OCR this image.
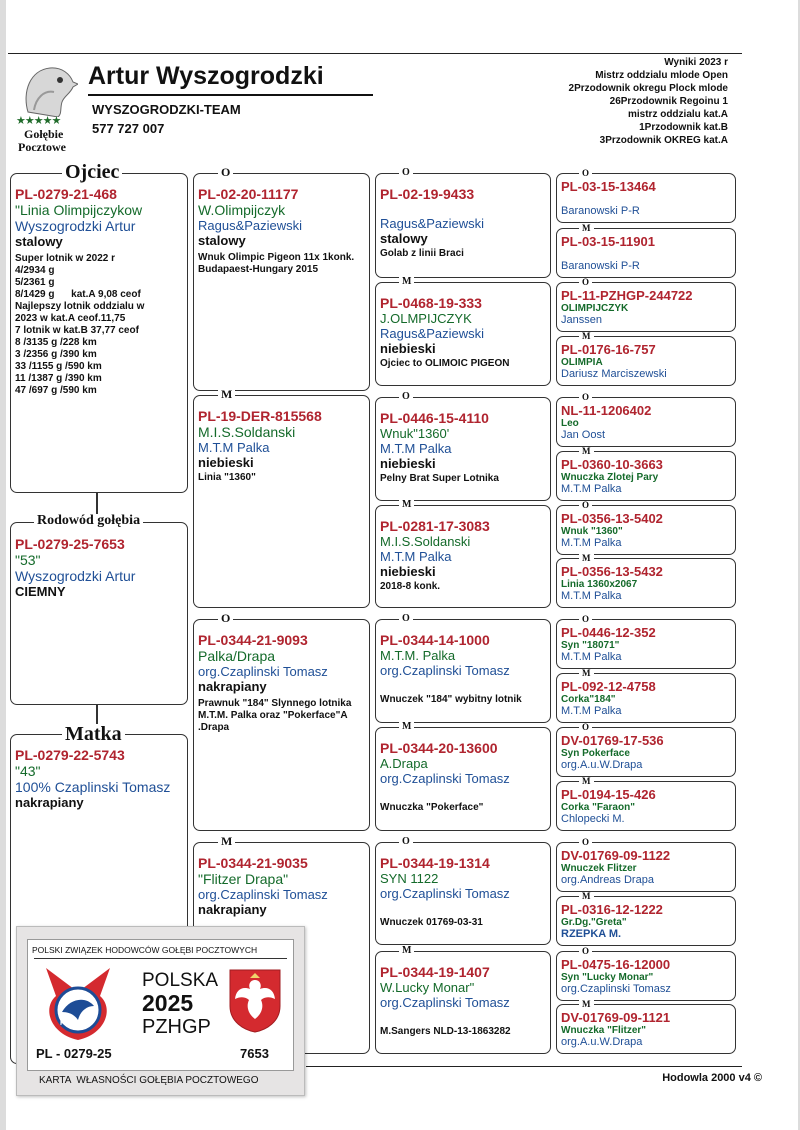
★★★★★
Gołębie
Pocztowe
Artur Wyszogrodzki
WYSZOGRODZKI-TEAM
577 727 007
Wyniki 2023 r
Mistrz oddzialu mlode Open
2Przodownik okregu Plock mlode
26Przodownik Regoinu 1
mistrz oddzialu kat.A
1Przodownik kat.B
3Przodownik OKREG kat.A
PL-0279-21-468
"Linia Olimpijczykow
Wyszogrodzki Artur
stalowy
Super lotnik w 2022 r
4/2934 g
5/2361 g
8/1429 g      kat.A 9,08 ceof
Najlepszy lotnik oddzialu w
2023 w kat.A ceof.11,75
7 lotnik w kat.B 37,77 ceof
8 /3135 g /228 km
3 /2356 g /390 km
33 /1155 g /590 km
11 /1387 g /390 km
47 /697 g /590 km
Ojciec
PL-0279-25-7653
"53"
Wyszogrodzki Artur
CIEMNY
Rodowód gołębia
PL-0279-22-5743
"43"
100% Czaplinski Tomasz
nakrapiany
Matka
PL-02-20-11177
W.Olimpijczyk
Ragus&Paziewski
stalowy
Wnuk Olimpic Pigeon 11x 1konk. Budapaest-Hungary 2015
O
PL-19-DER-815568
M.I.S.Soldanski
M.T.M Palka
niebieski
Linia "1360"
M
PL-0344-21-9093
Palka/Drapa
org.Czaplinski Tomasz
nakrapiany
Prawnuk "184" Slynnego lotnika M.T.M. Palka oraz "Pokerface"A .Drapa
O
PL-0344-21-9035
"Flitzer Drapa"
org.Czaplinski Tomasz
nakrapiany
M
PL-02-19-9433
Ragus&Paziewski
stalowy
Golab z linii Braci
O
PL-0468-19-333
J.OLMPIJCZYK
Ragus&Paziewski
niebieski
Ojciec to OLIMOIC PIGEON
M
PL-0446-15-4110
Wnuk"1360'
M.T.M Palka
niebieski
Pelny Brat Super Lotnika
O
PL-0281-17-3083
M.I.S.Soldanski
M.T.M Palka
niebieski
2018-8 konk.
M
PL-0344-14-1000
M.T.M. Palka
org.Czaplinski Tomasz
Wnuczek "184" wybitny lotnik
O
PL-0344-20-13600
A.Drapa
org.Czaplinski Tomasz
Wnuczka "Pokerface"
M
PL-0344-19-1314
SYN 1122
org.Czaplinski Tomasz
Wnuczek 01769-03-31
O
PL-0344-19-1407
W.Lucky Monar"
org.Czaplinski Tomasz
M.Sangers NLD-13-1863282
M
PL-03-15-13464
Baranowski P-R
O
PL-03-15-11901
Baranowski P-R
M
PL-11-PZHGP-244722
OLIMPIJCZYK
Janssen
O
PL-0176-16-757
OLIMPIA
Dariusz Marciszewski
M
NL-11-1206402
Leo
Jan Oost
O
PL-0360-10-3663
Wnuczka Zlotej Pary
M.T.M Palka
M
PL-0356-13-5402
Wnuk "1360"
M.T.M Palka
O
PL-0356-13-5432
Linia 1360x2067
M.T.M Palka
M
PL-0446-12-352
Syn "18071"
M.T.M Palka
O
PL-092-12-4758
Corka"184"
M.T.M Palka
M
DV-01769-17-536
Syn Pokerface
org.A.u.W.Drapa
O
PL-0194-15-426
Corka "Faraon"
Chlopecki M.
M
DV-01769-09-1122
Wnuczek Flitzer
org.Andreas Drapa
O
PL-0316-12-1222
Gr.Dg."Greta"
RZEPKA M.
M
PL-0475-16-12000
Syn "Lucky Monar"
org.Czaplinski Tomasz
O
DV-01769-09-1121
Wnuczka "Flitzer"
org.A.u.W.Drapa
M
Hodowla 2000 v4 ©
POLSKI ZWIĄZEK HODOWCÓW GOŁĘBI POCZTOWYCH
PZHGP
POLSKA
2025
PZHGP
PL - 0279-25	7653
KARTA  WŁASNOŚCI GOŁĘBIA POCZTOWEGO
